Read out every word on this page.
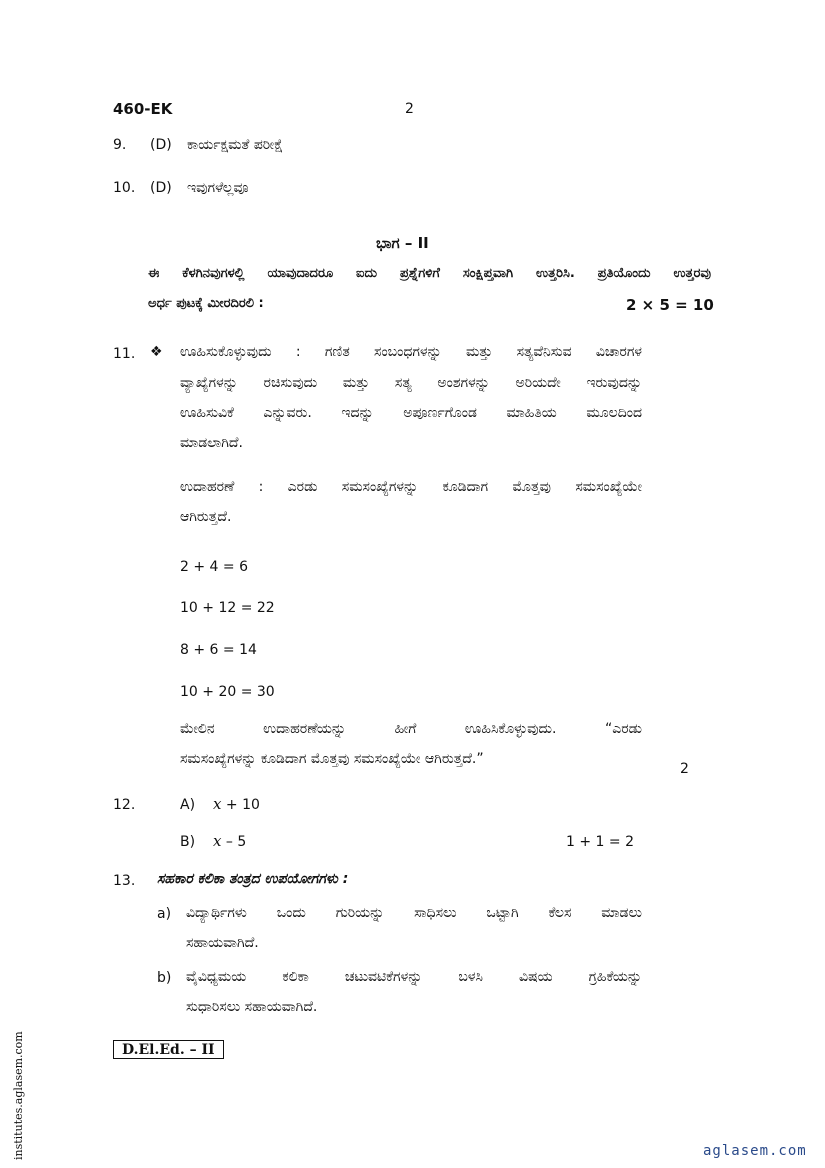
460-EK	2
9. (D) ಕಾರ್ಯಕ್ಷಮತೆ ಪರೀಕ್ಷೆ
10. (D) ಇವುಗಳೆಲ್ಲವೂ
ಭಾಗ – II
ಈ ಕೆಳಗಿನವುಗಳಲ್ಲಿ ಯಾವುದಾದರೂ ಐದು ಪ್ರಶ್ನೆಗಳಿಗೆ ಸಂಕ್ಷಿಪ್ತವಾಗಿ ಉತ್ತರಿಸಿ. ಪ್ರತಿಯೊಂದು ಉತ್ತರವು
ಅರ್ಧ ಪುಟಕ್ಕೆ ಮೀರದಿರಲಿ :	2 × 5 = 10
11. ❖ ಊಹಿಸುಕೊಳ್ಳುವುದು : ಗಣಿತ ಸಂಬಂಧಗಳನ್ನು ಮತ್ತು ಸತ್ಯವೆನಿಸುವ ವಿಚಾರಗಳ
ವ್ಯಾಖ್ಯೆಗಳನ್ನು ರಚಿಸುವುದು ಮತ್ತು ಸತ್ಯ ಅಂಶಗಳನ್ನು ಅರಿಯದೇ ಇರುವುದನ್ನು
ಊಹಿಸುವಿಕೆ ಎನ್ನುವರು. ಇದನ್ನು ಅಪೂರ್ಣಗೊಂಡ ಮಾಹಿತಿಯ ಮೂಲದಿಂದ
ಮಾಡಲಾಗಿದೆ.
ಉದಾಹರಣೆ : ಎರಡು ಸಮಸಂಖ್ಯೆಗಳನ್ನು ಕೂಡಿದಾಗ ಮೊತ್ತವು ಸಮಸಂಖ್ಯೆಯೇ
ಆಗಿರುತ್ತದೆ.
2 + 4 = 6
10 + 12 = 22
8 + 6 = 14
10 + 20 = 30
ಮೇಲಿನ ಉದಾಹರಣೆಯನ್ನು ಹೀಗೆ ಊಹಿಸಿಕೊಳ್ಳುವುದು. “ಎರಡು
ಸಮಸಂಖ್ಯೆಗಳನ್ನು ಕೂಡಿದಾಗ ಮೊತ್ತವು ಸಮಸಂಖ್ಯೆಯೇ ಆಗಿರುತ್ತದೆ.”
2
12.	A) x + 10
B) x – 5	1 + 1 = 2
13. ಸಹಕಾರ ಕಲಿಕಾ ತಂತ್ರದ ಉಪಯೋಗಗಳು :
a) ವಿದ್ಯಾರ್ಥಿಗಳು ಒಂದು ಗುರಿಯನ್ನು ಸಾಧಿಸಲು ಒಟ್ಟಾಗಿ ಕೆಲಸ ಮಾಡಲು
ಸಹಾಯವಾಗಿದೆ.
b) ವೈವಿಧ್ಯಮಯ ಕಲಿಕಾ ಚಟುವಟಿಕೆಗಳನ್ನು ಬಳಸಿ ವಿಷಯ ಗ್ರಹಿಕೆಯನ್ನು
ಸುಧಾರಿಸಲು ಸಹಾಯವಾಗಿದೆ.
D.El.Ed. – II
institutes.aglasem.com	aglasem.com
